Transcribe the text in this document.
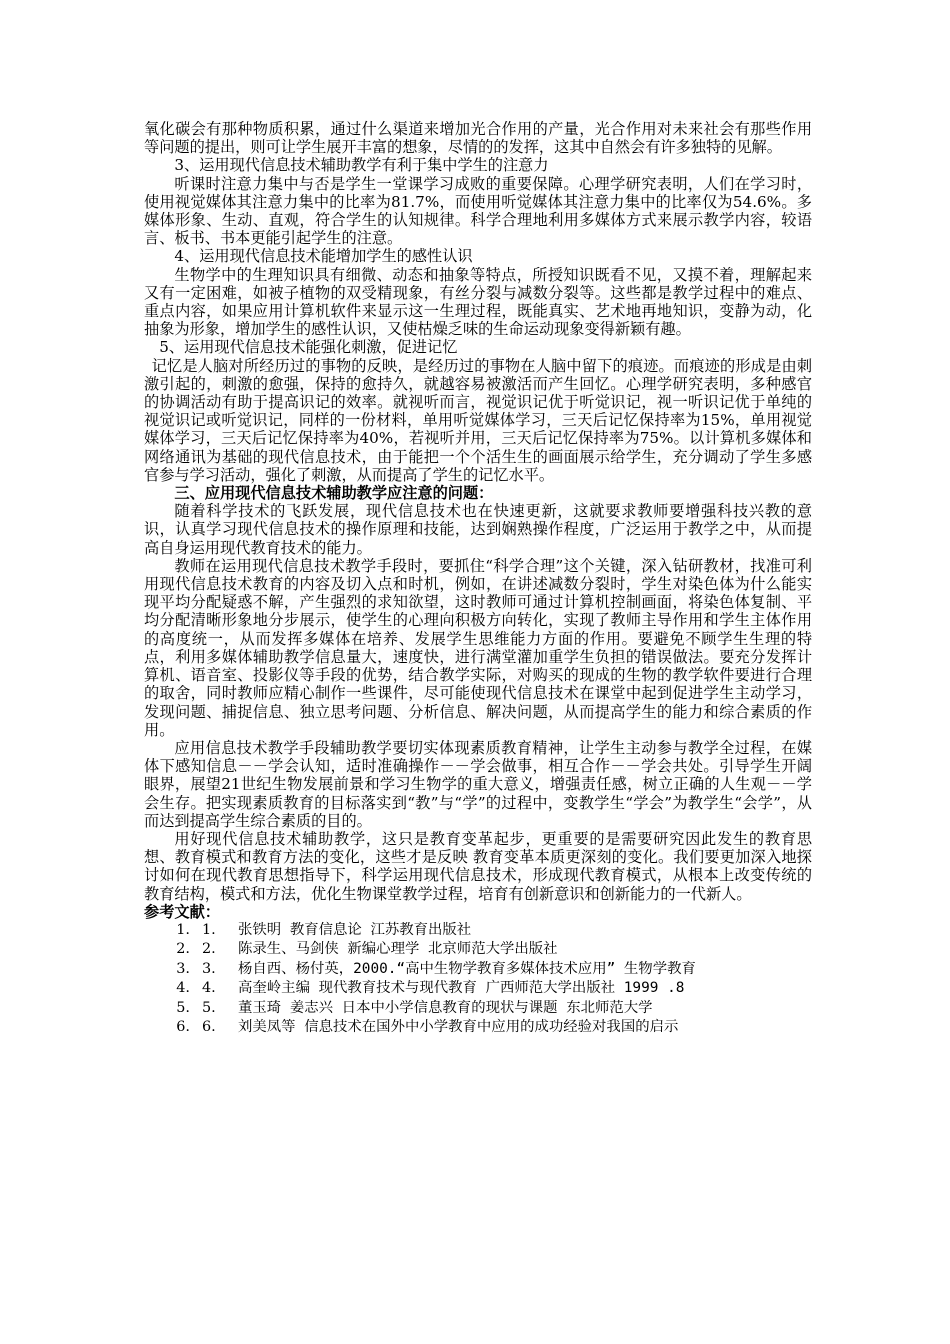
氧化碳会有那种物质积累，通过什么渠道来增加光合作用的产量，光合作用对未来社会有那些作用等问题的提出，则可让学生展开丰富的想象，尽情的的发挥，这其中自然会有许多独特的见解。

3、运用现代信息技术辅助教学有利于集中学生的注意力

听课时注意力集中与否是学生一堂课学习成败的重要保障。心理学研究表明，人们在学习时，使用视觉媒体其注意力集中的比率为81.7%，而使用听觉媒体其注意力集中的比率仅为54.6%。多媒体形象、生动、直观，符合学生的认知规律。科学合理地利用多媒体方式来展示教学内容，较语言、板书、书本更能引起学生的注意。

4、运用现代信息技术能增加学生的感性认识

生物学中的生理知识具有细微、动态和抽象等特点，所授知识既看不见，又摸不着，理解起来又有一定困难，如被子植物的双受精现象，有丝分裂与减数分裂等。这些都是教学过程中的难点、重点内容，如果应用计算机软件来显示这一生理过程，既能真实、艺术地再地知识，变静为动，化抽象为形象，增加学生的感性认识，又使枯燥乏味的生命运动现象变得新颖有趣。

5、运用现代信息技术能强化刺激，促进记忆

记忆是人脑对所经历过的事物的反映，是经历过的事物在人脑中留下的痕迹。而痕迹的形成是由刺激引起的，刺激的愈强，保持的愈持久，就越容易被激活而产生回忆。心理学研究表明，多种感官的协调活动有助于提高识记的效率。就视听而言，视觉识记优于听觉识记，视一听识记优于单纯的视觉识记或听觉识记，同样的一份材料，单用听觉媒体学习，三天后记忆保持率为15%，单用视觉媒体学习，三天后记忆保持率为40%，若视听并用，三天后记忆保持率为75%。以计算机多媒体和网络通讯为基础的现代信息技术，由于能把一个个活生生的画面展示给学生，充分调动了学生多感官参与学习活动，强化了刺激，从而提高了学生的记忆水平。

三、应用现代信息技术辅助教学应注意的问题：

随着科学技术的飞跃发展，现代信息技术也在快速更新，这就要求教师要增强科技兴教的意识，认真学习现代信息技术的操作原理和技能，达到娴熟操作程度，广泛运用于教学之中，从而提高自身运用现代教育技术的能力。

教师在运用现代信息技术教学手段时，要抓住“科学合理”这个关键，深入钻研教材，找准可利用现代信息技术教育的内容及切入点和时机，例如，在讲述减数分裂时，学生对染色体为什么能实现平均分配疑惑不解，产生强烈的求知欲望，这时教师可通过计算机控制画面，将染色体复制、平均分配清晰形象地分步展示，使学生的心理向积极方向转化，实现了教师主导作用和学生主体作用的高度统一，从而发挥多媒体在培养、发展学生思维能力方面的作用。要避免不顾学生生理的特点，利用多媒体辅助教学信息量大，速度快，进行满堂灌加重学生负担的错误做法。要充分发挥计算机、语音室、投影仪等手段的优势，结合教学实际，对购买的现成的生物的教学软件要进行合理的取舍，同时教师应精心制作一些课件，尽可能使现代信息技术在课堂中起到促进学生主动学习，发现问题、捕捉信息、独立思考问题、分析信息、解决问题，从而提高学生的能力和综合素质的作用。

应用信息技术教学手段辅助教学要切实体现素质教育精神，让学生主动参与教学全过程，在媒体下感知信息－－学会认知，适时准确操作－－学会做事，相互合作－－学会共处。引导学生开阔眼界，展望21世纪生物发展前景和学习生物学的重大意义，增强责任感，树立正确的人生观－－学会生存。把实现素质教育的目标落实到“教”与“学”的过程中，变教学生“学会”为教学生“会学”，从而达到提高学生综合素质的目的。

用好现代信息技术辅助教学，这只是教育变革起步，更重要的是需要研究因此发生的教育思想、教育模式和教育方法的变化，这些才是反映 教育变革本质更深刻的变化。我们要更加深入地探讨如何在现代教育思想指导下，科学运用现代信息技术，形成现代教育模式，从根本上改变传统的教育结构，模式和方法，优化生物课堂教学过程，培育有创新意识和创新能力的一代新人。

参考文献：

1. 1.	张铁明 教育信息论 江苏教育出版社
2. 2.	陈录生、马剑侠 新编心理学 北京师范大学出版社
3. 3.	杨自西、杨付英，2000.“高中生物学教育多媒体技术应用” 生物学教育
4. 4.	高奎岭主编 现代教育技术与现代教育 广西师范大学出版社 1999 .8
5. 5.	董玉琦 姜志兴 日本中小学信息教育的现状与课题 东北师范大学
6. 6.	刘美凤等 信息技术在国外中小学教育中应用的成功经验对我国的启示
